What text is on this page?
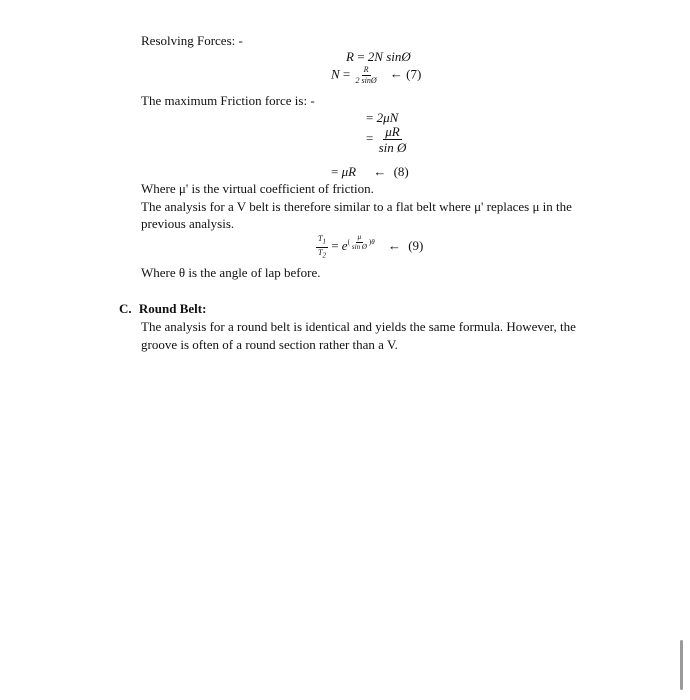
Resolving Forces: -
R = 2N sinØ
$N = \frac{R}{2 \sin Ø}$ ← (7)
The maximum Friction force is: -
= 2μN
= $\frac{\mu R}{\text{sin Ø}}$
= μR ← (8)
Where μ' is the virtual coefficient of friction.
The analysis for a V belt is therefore similar to a flat belt where μ' replaces μ in the
previous analysis.
$\frac{T_1}{T_2} = e^{( \frac{\mu}{\text{sin Ø}} )\theta}$ ← (9)
Where θ is the angle of lap before.
C. Round Belt:
The analysis for a round belt is identical and yields the same formula. However, the
groove is often of a round section rather than a V.
